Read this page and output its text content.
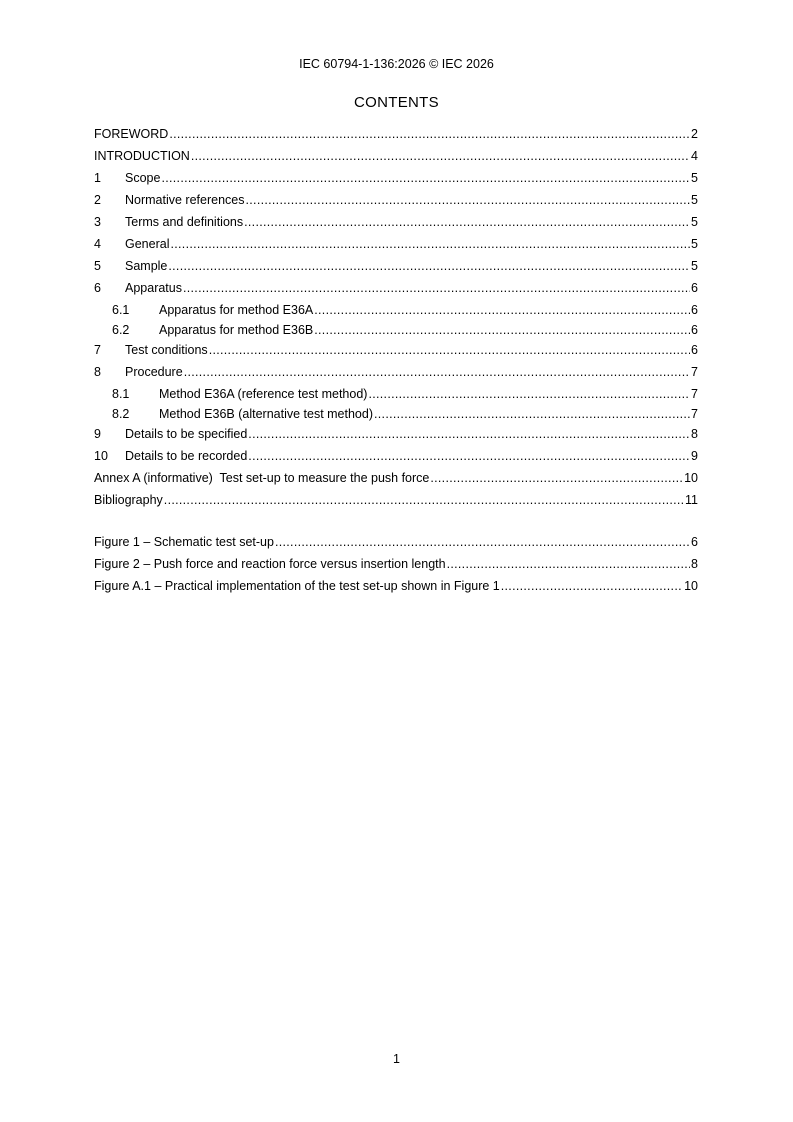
IEC 60794-1-136:2026 © IEC 2026
CONTENTS
FOREWORD .....	2
INTRODUCTION .....	4
1	Scope .....	5
2	Normative references .....	5
3	Terms and definitions .....	5
4	General .....	5
5	Sample .....	5
6	Apparatus .....	6
6.1	Apparatus for method E36A .....	6
6.2	Apparatus for method E36B .....	6
7	Test conditions .....	6
8	Procedure .....	7
8.1	Method E36A (reference test method) .....	7
8.2	Method E36B (alternative test method) .....	7
9	Details to be specified .....	8
10	Details to be recorded .....	9
Annex A (informative)  Test set-up to measure the push force .....	10
Bibliography .....	11
Figure 1 – Schematic test set-up .....	6
Figure 2 – Push force and reaction force versus insertion length .....	8
Figure A.1 – Practical implementation of the test set-up shown in Figure 1 .....	10
1
